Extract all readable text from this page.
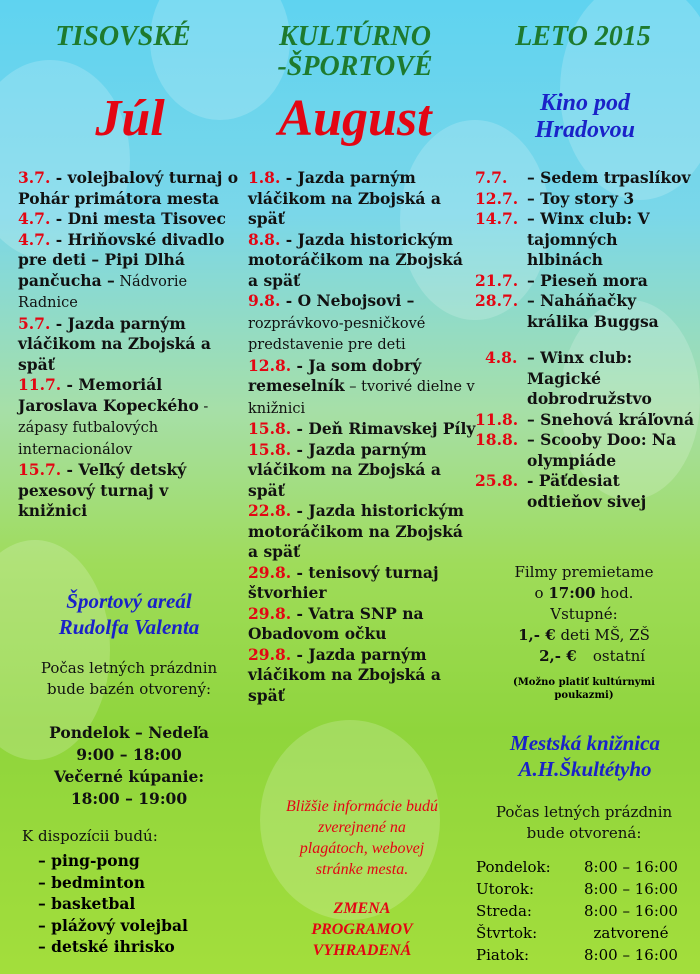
TISOVSKÉ	KULTÚRNO
-ŠPORTOVÉ
LETO 2015
Júl	August	Kino pod
Hradovou
3.7. - volejbalový turnaj o Pohár primátora mesta
4.7. - Dni mesta Tisovec
4.7. - Hriňovské divadlo pre deti – Pipi Dlhá pančucha – Nádvorie Radnice
5.7. - Jazda parným vláčikom na Zbojská a späť
11.7. - Memoriál Jaroslava Kopeckého - zápasy futbalových internacionálov
15.7. - Veľký detský pexesový turnaj v knižnici
Športový areál
Rudolfa Valenta
Počas letných prázdnin
bude bazén otvorený:
Pondelok – Nedeľa
9:00 – 18:00
Večerné kúpanie:
18:00 – 19:00
K dispozícii budú:
– ping-pong
– bedminton
– basketbal
– plážový volejbal
– detské ihrisko
1.8. - Jazda parným vláčikom na Zbojská a späť
8.8. - Jazda historickým motoráčikom na Zbojská a späť
9.8. - O Nebojsovi – rozprávkovo-pesničkové predstavenie pre deti
12.8. - Ja som dobrý remeselník – tvorivé dielne v knižnici
15.8. - Deň Rimavskej Píly
15.8. - Jazda parným vláčikom na Zbojská a späť
22.8. - Jazda historickým motoráčikom na Zbojská a späť
29.8. - tenisový turnaj štvorhier
29.8. - Vatra SNP na Obadovom očku
29.8. - Jazda parným vláčikom na Zbojská a späť
Bližšie informácie budú
zverejnené na
plagátoch, webovej
stránke mesta.
ZMENA
PROGRAMOV
VYHRADENÁ
7.7.	– Sedem trpaslíkov
12.7. – Toy story 3
14.7. – Winx club: V tajomných hlbinách
21.7. – Pieseň mora
28.7. – Naháňačky králika Buggsa
4.8. – Winx club: Magické dobrodružstvo
11.8. – Snehová kráľovná
18.8. – Scooby Doo: Na olympiáde
25.8. - Päťdesiat odtieňov sivej
Filmy premietame
o 17:00 hod.
Vstupné:
1,- € deti MŠ, ZŠ
2,- € ostatní
(Možno platiť kultúrnymi
poukazmi)
Mestská knižnica
A.H.Škultétyho
Počas letných prázdnin
bude otvorená:
Pondelok:	8:00 – 16:00
Utorok:	8:00 – 16:00
Streda:	8:00 – 16:00
Štvrtok:	zatvorené
Piatok:	8:00 – 16:00
